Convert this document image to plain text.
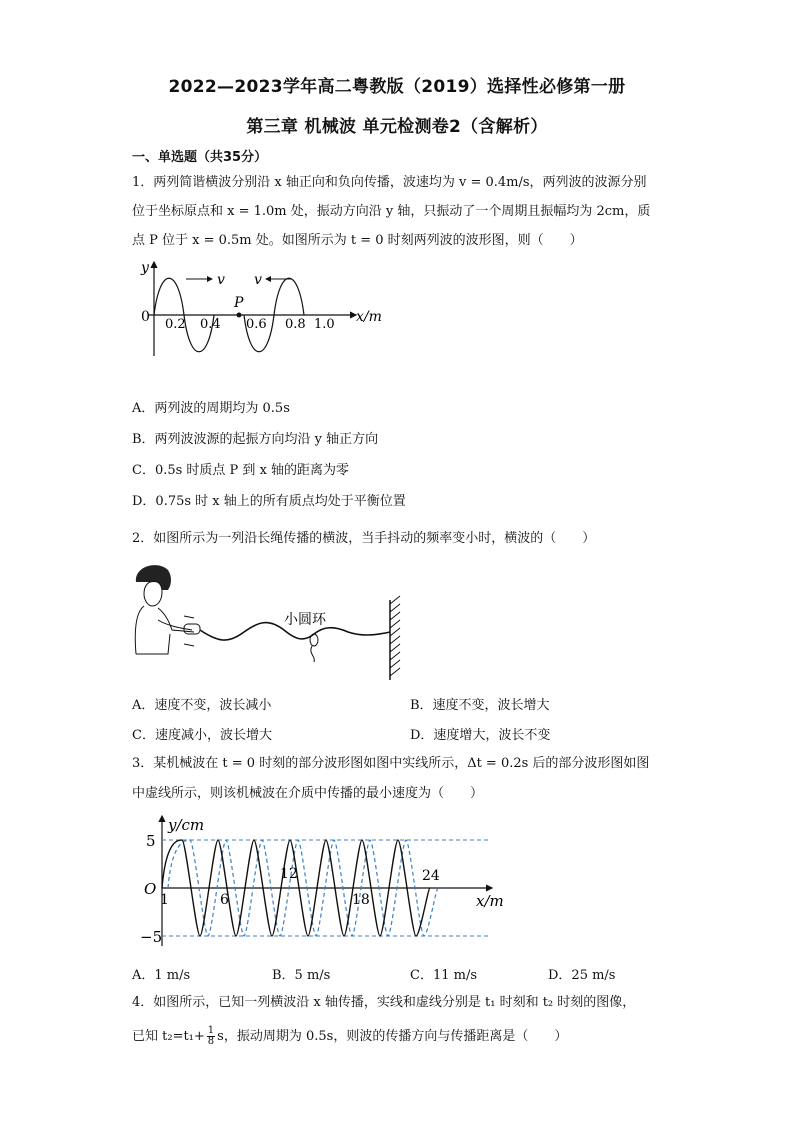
2022—2023学年高二粤教版（2019）选择性必修第一册
第三章 机械波 单元检测卷2（含解析）
一、单选题（共35分）
1．两列简谐横波分别沿 x 轴正向和负向传播，波速均为 v = 0.4m/s，两列波的波源分别
位于坐标原点和 x = 1.0m 处，振动方向沿 y 轴，只振动了一个周期且振幅均为 2cm，质
点 P 位于 x = 0.5m 处。如图所示为 t = 0 时刻两列波的波形图，则（　　）
y
x/m
0
P
v v
0.2 0.4 0.6 0.8 1.0
A．两列波的周期均为 0.5s
B．两列波波源的起振方向均沿 y 轴正方向
C．0.5s 时质点 P 到 x 轴的距离为零
D．0.75s 时 x 轴上的所有质点均处于平衡位置
2．如图所示为一列沿长绳传播的横波，当手抖动的频率变小时，横波的（　　）
小圆环
A．速度不变，波长减小	B．速度不变，波长增大
C．速度减小，波长增大	D．速度增大，波长不变
3．某机械波在 t = 0 时刻的部分波形图如图中实线所示，Δt = 0.2s 后的部分波形图如图
中虚线所示，则该机械波在介质中传播的最小速度为（　　）
y/cm
x/m
O
5
−5
1	6
12
18
24
A．1 m/s	B．5 m/s	C．11 m/s	D．25 m/s
4．如图所示，已知一列横波沿 x 轴传播，实线和虚线分别是 t₁ 时刻和 t₂ 时刻的图像，
已知 $t_2=t_1+ \frac{1}{8}$ s，振动周期为 0.5s，则波的传播方向与传播距离是（　　）
